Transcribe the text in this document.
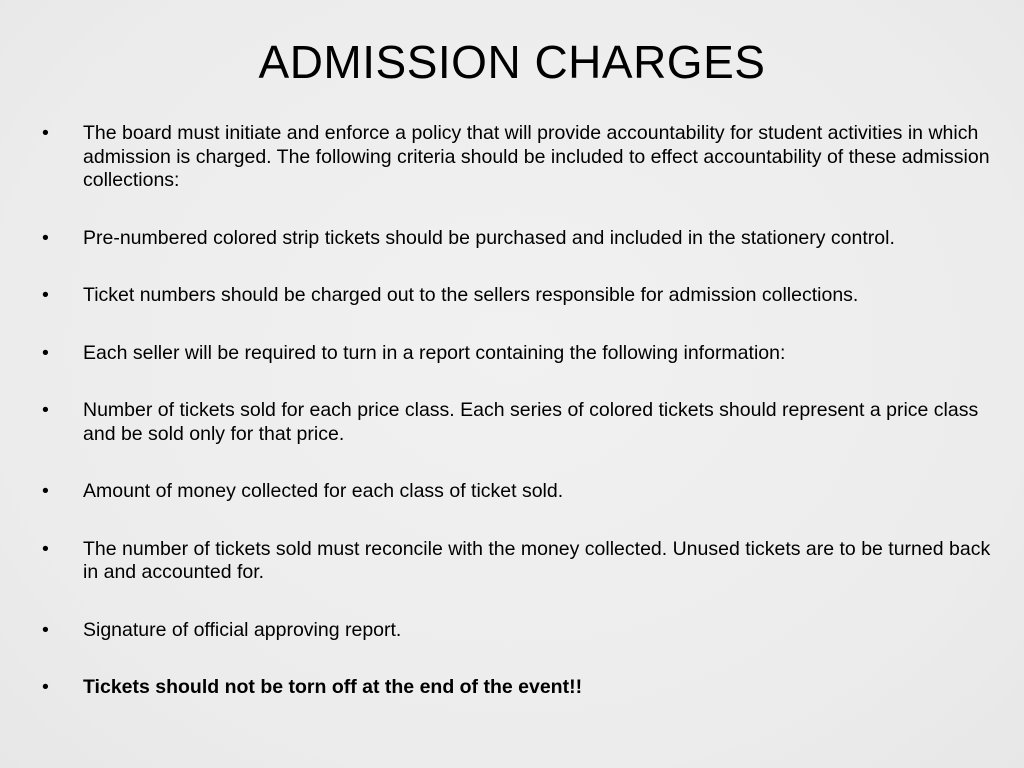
ADMISSION CHARGES
•	The board must initiate and enforce a policy that will provide accountability for student activities in which admission is charged. The following criteria should be included to effect accountability of these admission collections:
•	Pre-numbered colored strip tickets should be purchased and included in the stationery control.
•	Ticket numbers should be charged out to the sellers responsible for admission collections.
•	Each seller will be required to turn in a report containing the following information:
•	Number of tickets sold for each price class. Each series of colored tickets should represent a price class and be sold only for that price.
•	Amount of money collected for each class of ticket sold.
•	The number of tickets sold must reconcile with the money collected. Unused tickets are to be turned back in and accounted for.
•	Signature of official approving report.
•	Tickets should not be torn off at the end of the event!!
